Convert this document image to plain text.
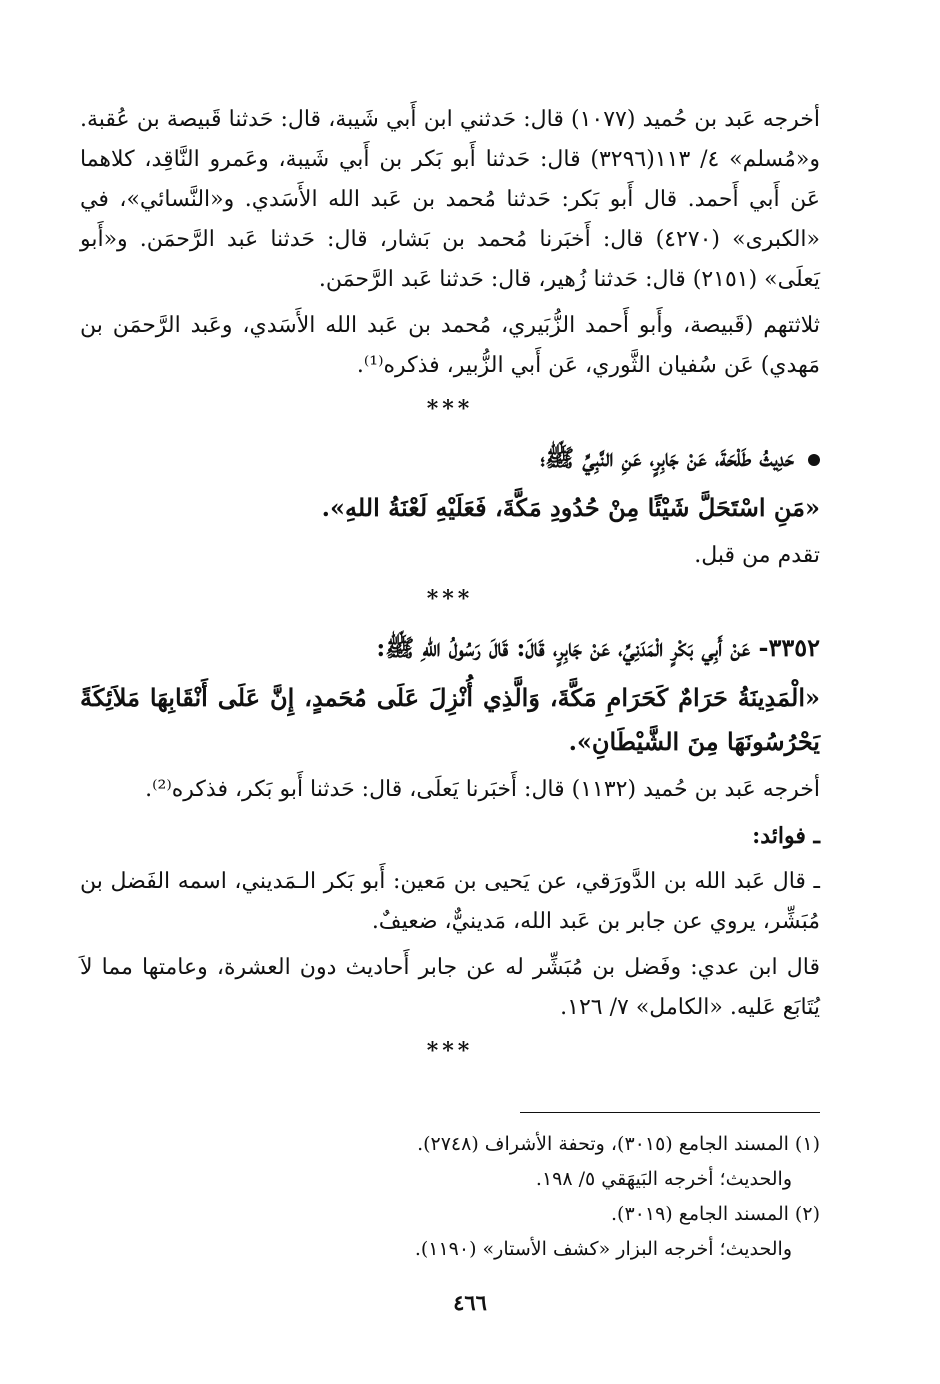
أخرجه عَبد بن حُميد (١٠٧٧) قال: حَدثني ابن أَبي شَيبة، قال: حَدثنا قَبيصة بن عُقبة. و«مُسلم» ٤/ ١١٣(٣٢٩٦) قال: حَدثنا أَبو بَكر بن أَبي شَيبة، وعَمرو النَّاقِد، كلاهما عَن أَبي أَحمد. قال أَبو بَكر: حَدثنا مُحمد بن عَبد الله الأَسَدي. و«النَّسائي»، في «الكبرى» (٤٢٧٠) قال: أَخبَرنا مُحمد بن بَشار، قال: حَدثنا عَبد الرَّحمَن. و«أَبو يَعلَى» (٢١٥١) قال: حَدثنا زُهير، قال: حَدثنا عَبد الرَّحمَن.

ثلاثتهم (قَبيصة، وأَبو أَحمد الزُّبَيري، مُحمد بن عَبد الله الأَسَدي، وعَبد الرَّحمَن بن مَهدي) عَن سُفيان الثَّوري، عَن أَبي الزُّبير، فذكره⁽¹⁾.

***

حَدِيثُ طَلْحَةَ، عَنْ جَابِرٍ، عَنِ النَّبِيِّ ﷺ؛

«مَنِ اسْتَحَلَّ شَيْئًا مِنْ حُدُودِ مَكَّةَ، فَعَلَيْهِ لَعْنَةُ اللهِ».

تقدم من قبل.

***

٣٣٥٢- عَنْ أَبِي بَكْرٍ الْمَدَنِيِّ، عَنْ جَابِرٍ، قَالَ: قَالَ رَسُولُ اللهِ ﷺ:

«الْمَدِينَةُ حَرَامٌ كَحَرَامِ مَكَّةَ، وَالَّذِي أُنْزِلَ عَلَى مُحَمدٍ، إِنَّ عَلَى أَنْقَابِهَا مَلاَئِكَةً يَحْرُسُونَهَا مِنَ الشَّيْطَانِ».

أخرجه عَبد بن حُميد (١١٣٢) قال: أَخبَرنا يَعلَى، قال: حَدثنا أَبو بَكر، فذكره⁽²⁾.

ـ فوائد:

ـ قال عَبد الله بن الدَّورَقي، عن يَحيى بن مَعين: أَبو بَكر الـمَديني، اسمه الفَضل بن مُبَشِّر، يروي عن جابر بن عَبد الله، مَدينيٌّ، ضعيفٌ.

قال ابن عدي: وفَضل بن مُبَشِّر له عن جابر أَحاديث دون العشرة، وعامتها مما لاَ يُتَابَع عَليه. «الكامل» ٧/ ١٢٦.

***
(١) المسند الجامع (٣٠١٥)، وتحفة الأشراف (٢٧٤٨).
والحديث؛ أخرجه البَيهَقي ٥/ ١٩٨.
(٢) المسند الجامع (٣٠١٩).
والحديث؛ أخرجه البزار «كشف الأستار» (١١٩٠).
٤٦٦
